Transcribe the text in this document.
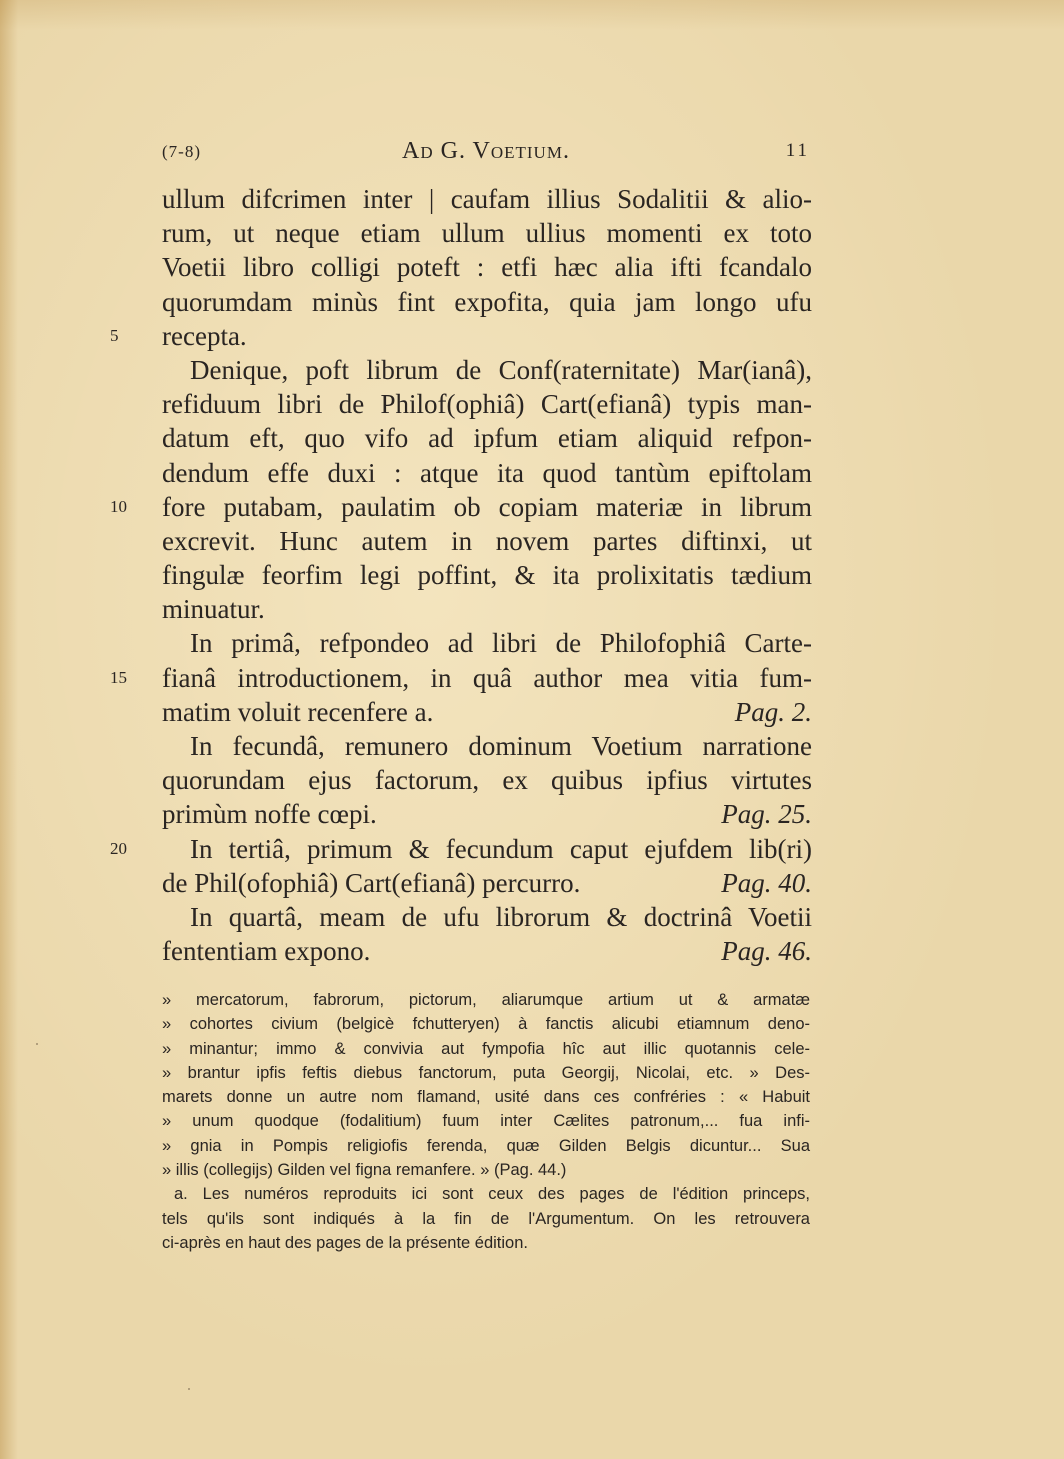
(7-8)	Ad G. Voetium.	11
ullum difcrimen inter | caufam illius Sodalitii & alio-
rum, ut neque etiam ullum ullius momenti ex toto
Voetii libro colligi poteft : etfi hæc alia ifti fcandalo
quorumdam minùs fint expofita, quia jam longo ufu
recepta.
5
Denique, poft librum de Conf(raternitate) Mar(ianâ),
refiduum libri de Philof(ophiâ) Cart(efianâ) typis man-
datum eft, quo vifo ad ipfum etiam aliquid refpon-
dendum effe duxi : atque ita quod tantùm epiftolam
fore putabam, paulatim ob copiam materiæ in librum
10
excrevit. Hunc autem in novem partes diftinxi, ut
fingulæ feorfim legi poffint, & ita prolixitatis tædium
minuatur.
In primâ, refpondeo ad libri de Philofophiâ Carte-
fianâ introductionem, in quâ author mea vitia fum-
15
matim voluit recenfere a.	Pag. 2.
In fecundâ, remunero dominum Voetium narratione
quorundam ejus factorum, ex quibus ipfius virtutes
primùm noffe cœpi.	Pag. 25.
In tertiâ, primum & fecundum caput ejufdem lib(ri)
20
de Phil(ofophiâ) Cart(efianâ) percurro.	Pag. 40.
In quartâ, meam de ufu librorum & doctrinâ Voetii
fententiam expono.	Pag. 46.
» mercatorum, fabrorum, pictorum, aliarumque artium ut & armatæ
» cohortes civium (belgicè fchutteryen) à fanctis alicubi etiamnum deno-
» minantur; immo & convivia aut fympofia hîc aut illic quotannis cele-
» brantur ipfis feftis diebus fanctorum, puta Georgij, Nicolai, etc. » Des-
marets donne un autre nom flamand, usité dans ces confréries : « Habuit
» unum quodque (fodalitium) fuum inter Cælites patronum,... fua infi-
» gnia in Pompis religiofis ferenda, quæ Gilden Belgis dicuntur... Sua
» illis (collegijs) Gilden vel figna remanfere. » (Pag. 44.)
a. Les numéros reproduits ici sont ceux des pages de l'édition princeps,
tels qu'ils sont indiqués à la fin de l'Argumentum. On les retrouvera
ci-après en haut des pages de la présente édition.
